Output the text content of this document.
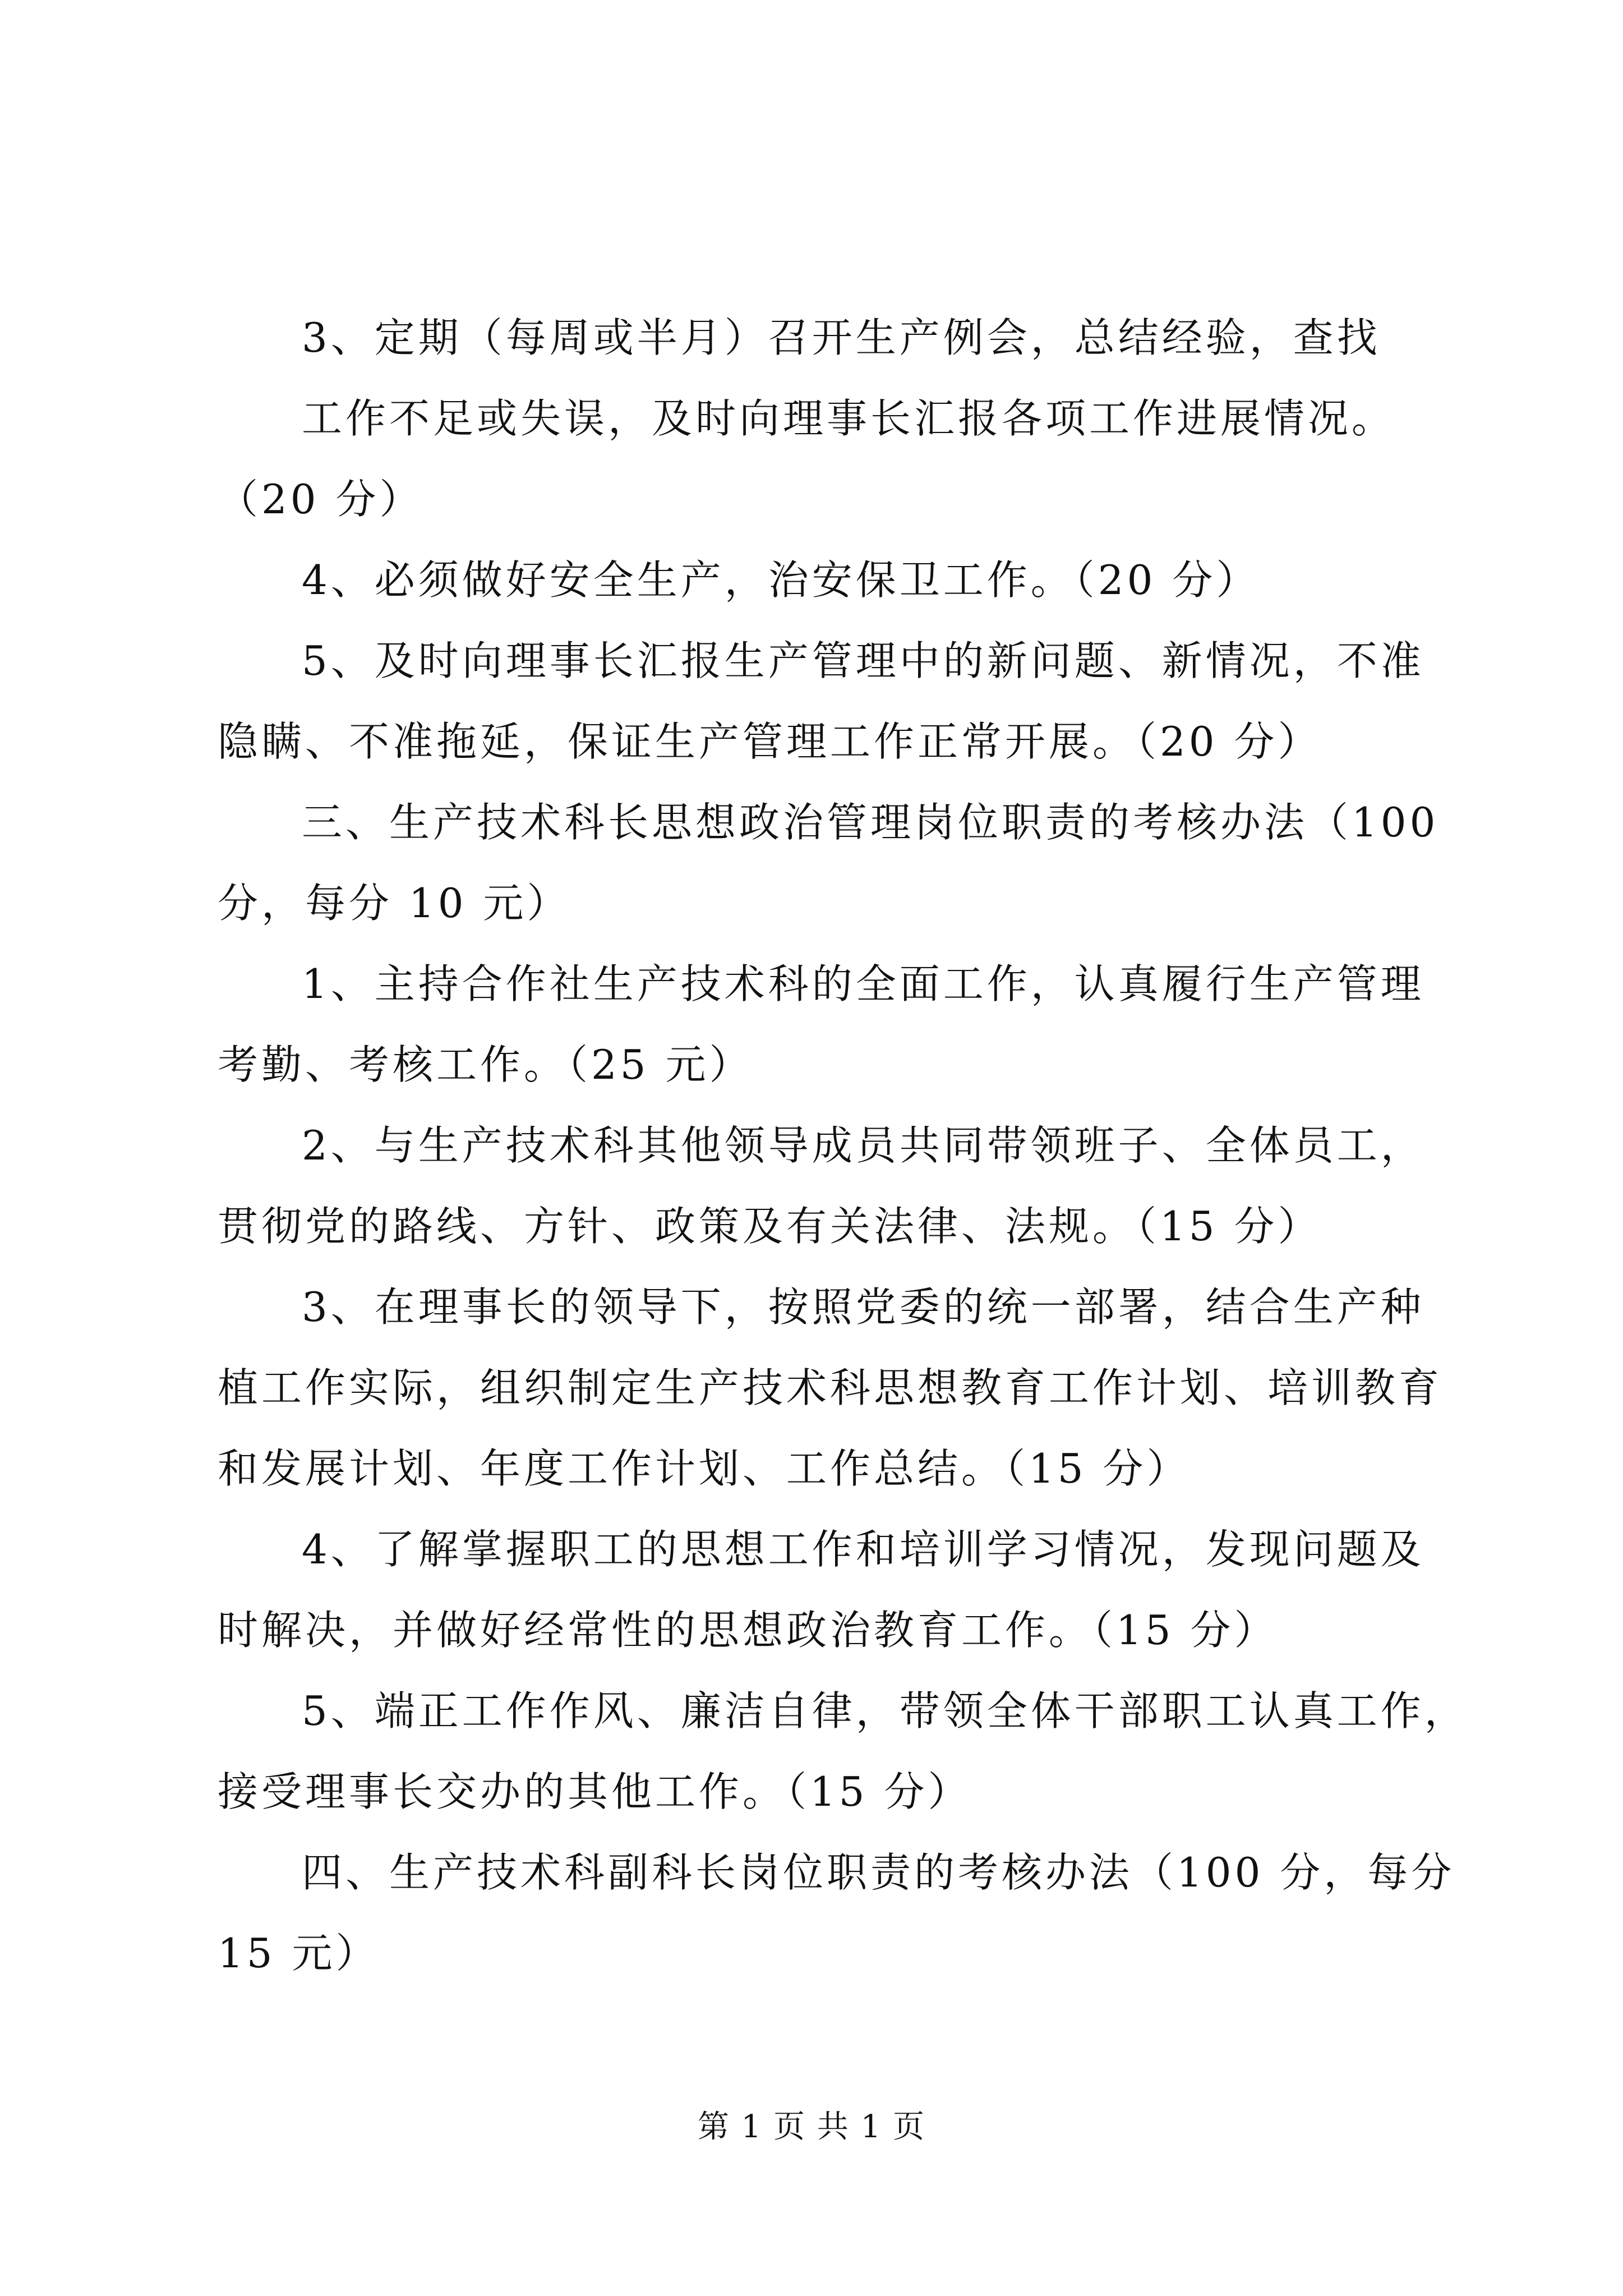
3、定期（每周或半月）召开生产例会，总结经验，查找
工作不足或失误，及时向理事长汇报各项工作进展情况。
（20 分）
4、必须做好安全生产，治安保卫工作。（20 分）
5、及时向理事长汇报生产管理中的新问题、新情况，不准
隐瞒、不准拖延，保证生产管理工作正常开展。（20 分）
三、生产技术科长思想政治管理岗位职责的考核办法（100
分，每分 10 元）
1、主持合作社生产技术科的全面工作，认真履行生产管理
考勤、考核工作。（25 元）
2、与生产技术科其他领导成员共同带领班子、全体员工，
贯彻党的路线、方针、政策及有关法律、法规。（15 分）
3、在理事长的领导下，按照党委的统一部署，结合生产种
植工作实际，组织制定生产技术科思想教育工作计划、培训教育
和发展计划、年度工作计划、工作总结。（15 分）
4、了解掌握职工的思想工作和培训学习情况，发现问题及
时解决，并做好经常性的思想政治教育工作。（15 分）
5、端正工作作风、廉洁自律，带领全体干部职工认真工作，
接受理事长交办的其他工作。（15 分）
四、生产技术科副科长岗位职责的考核办法（100 分，每分
15 元）
第 1 页 共 1 页
